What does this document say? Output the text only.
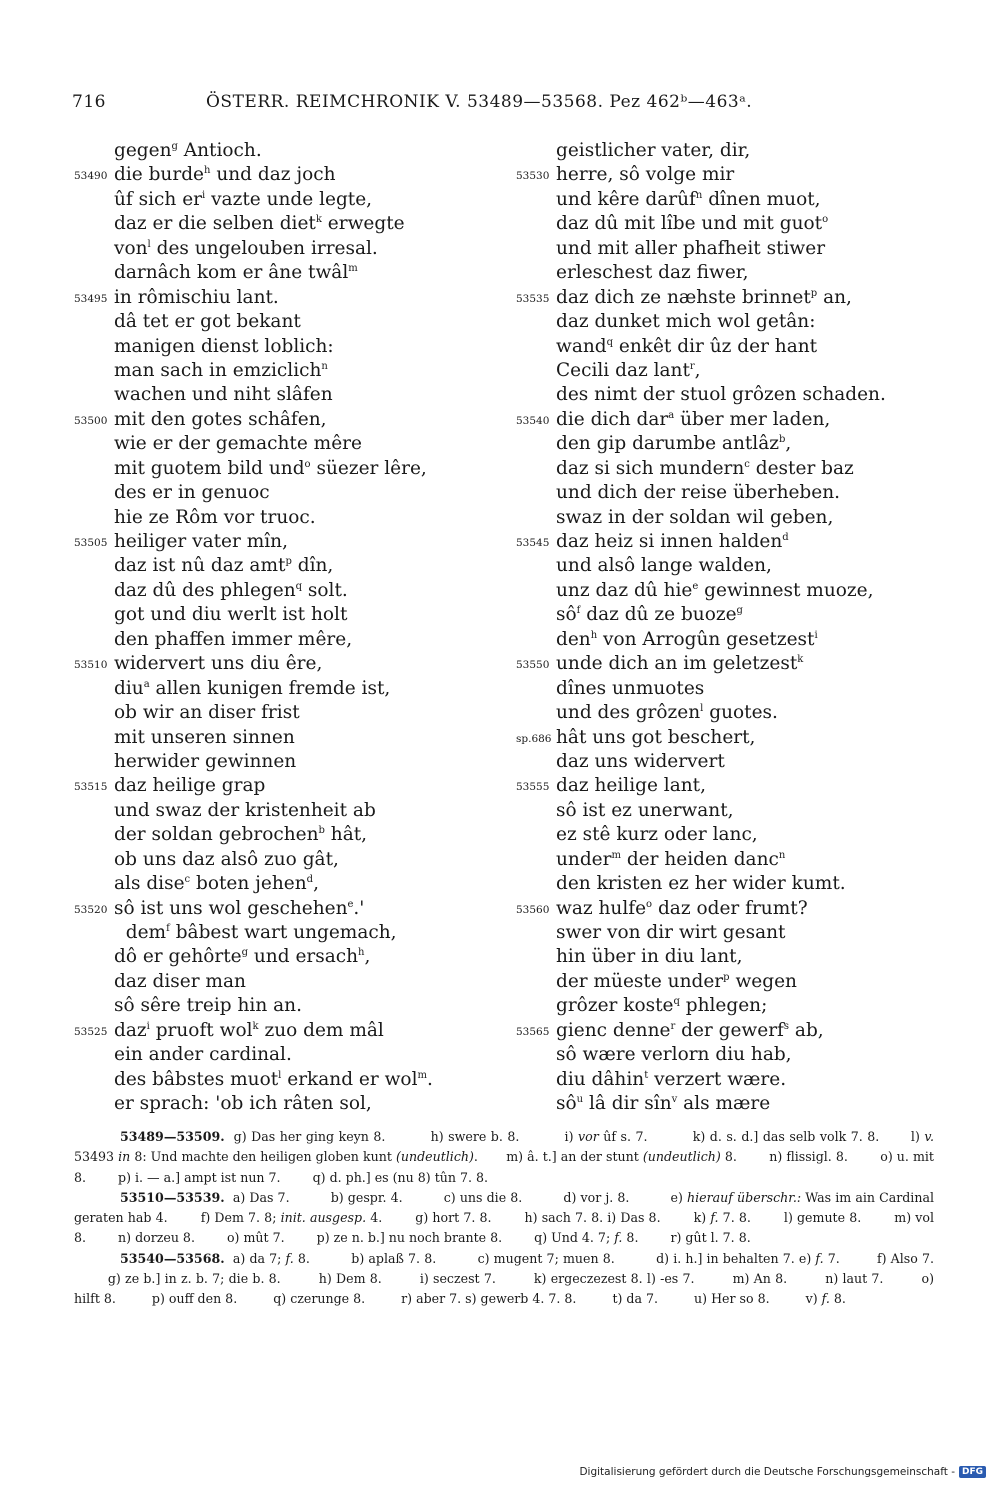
716	ÖSTERR. REIMCHRONIK V. 53489—53568. Pez 462ᵇ—463ᵃ.
gegen$^g$ Antioch.
53490 die burde$^h$ und daz joch
ûf sich $er^i$ vazte unde legte,
daz er die selben diet$^k$ erwegte
von$^l$ des ungelouben irresal.
darnâch kom er âne twâl$^m$
53495 in rômischiu lant.
dâ tet er got bekant
manigen dienst loblich:
man sach in emziclich$^n$
wachen und niht slâfen
53500 mit den gotes schâfen,
wie er der gemachte mêre
mit guotem bild und$^o$ süezer lêre,
des er in genuoc
hie ze Rôm vor truoc.
53505 heiliger vater mîn,
daz ist nû daz amt$^p$ dîn,
daz dû des phlegen$^q$ solt.
got und diu werlt ist holt
den phaffen immer mêre,
53510 widervert uns diu êre,
diu$^a$ allen kunigen fremde ist,
ob wir an diser frist
mit unseren sinnen
herwider gewinnen
53515 daz heilige grap
und swaz der kristenheit ab
der soldan gebrochen$^b$ hât,
ob uns daz alsô zuo gât,
als dise$^c$ boten jehen$^d$,
53520 sô ist uns wol geschehen$^e$.'
dem$^f$ bâbest wart ungemach,
dô er gehôrte$^g$ und ersach$^h$,
daz diser man
sô sêre treip hin an.
53525 daz$^i$ pruoft wol$^k$ zuo dem mâl
ein ander cardinal.
des bâbstes muot$^l$ erkand er wol$^m$.
er sprach: 'ob ich râten sol,
geistlicher vater, dir,
53530 herre, sô volge mir
und kêre darûf$^n$ dînen muot,
daz dû mit lîbe und mit guot$^o$
und mit aller phafheit stiwer
erleschest daz fiwer,
53535 daz dich ze næhste brinnet$^p$ an,
daz dunket mich wol getân:
wand$^q$ enkêt dir ûz der hant
Cecili daz lant$^r$,
des nimt der stuol grôzen schaden.
53540 die dich dar$^a$ über mer laden,
den gip darumbe antlâz$^b$,
daz si sich mundern$^c$ dester baz
und dich der reise überheben.
swaz in der soldan wil geben,
53545 daz heiz si innen halden$^d$
und alsô lange walden,
unz daz dû hie$^e$ gewinnest muoze,
$sô^f$ daz dû ze buoze$^g$
den$^h$ von Arrogûn gesetzest$^i$
53550 unde dich an im geletzest$^k$
dînes unmuotes
und des grôzen$^l$ guotes.
sp.686 hât uns got beschert,
daz uns widervert
53555 daz heilige lant,
sô ist ez unerwant,
ez stê kurz oder lanc,
under$^m$ der heiden danc$^n$
den kristen ez her wider kumt.
53560 waz hulfe$^o$ daz oder frumt?
swer von dir wirt gesant
hin über in diu lant,
der müeste under$^p$ wegen
grôzer koste$^q$ phlegen;
53565 gienc denne$^r$ der gewerf$^s$ ab,
sô wære verlorn diu hab,
diu dâhin$^t$ verzert wære.
$sô^u$ lâ dir sîn$^v$ als mære

53489—53509.  g) Das her ging keyn 8.          h) swere b. 8.          i) vor ûf s. 7.          k) d. s. d.] das selb volk 7. 8.       l) v. 53493 in 8: Und machte den heiligen globen kunt (undeutlich).       m) â. t.] an der stunt (undeutlich) 8.        n) flissigl. 8.        o) u. mit 8.        p) i. — a.] ampt ist nun 7.        q) d. ph.] es (nu 8) tûn 7. 8.

53510—53539.  a) Das 7.          b) gespr. 4.          c) uns die 8.          d) vor j. 8.          e) hierauf überschr.: Was im ain Cardinal geraten hab 4.        f) Dem 7. 8; init. ausgesp. 4.        g) hort 7. 8.        h) sach 7. 8. i) Das 8.        k) f. 7. 8.        l) gemute 8.        m) vol 8.        n) dorzeu 8.        o) mût 7.        p) ze n. b.] nu noch brante 8.        q) Und 4. 7; f. 8.        r) gût l. 7. 8.

53540—53568.  a) da 7; f. 8.          b) aplaß 7. 8.          c) mugent 7; muen 8.          d) i. h.] in behalten 7. e) f. 7.         f) Also 7.         g) ze b.] in z. b. 7; die b. 8.         h) Dem 8.         i) seczest 7.         k) ergeczezest 8. l) -es 7.         m) An 8.         n) laut 7.         o) hilft 8.         p) ouff den 8.         q) czerunge 8.         r) aber 7. s) gewerb 4. 7. 8.         t) da 7.         u) Her so 8.         v) f. 8.

Digitalisierung gefördert durch die Deutsche Forschungsgemeinschaft - DFG
